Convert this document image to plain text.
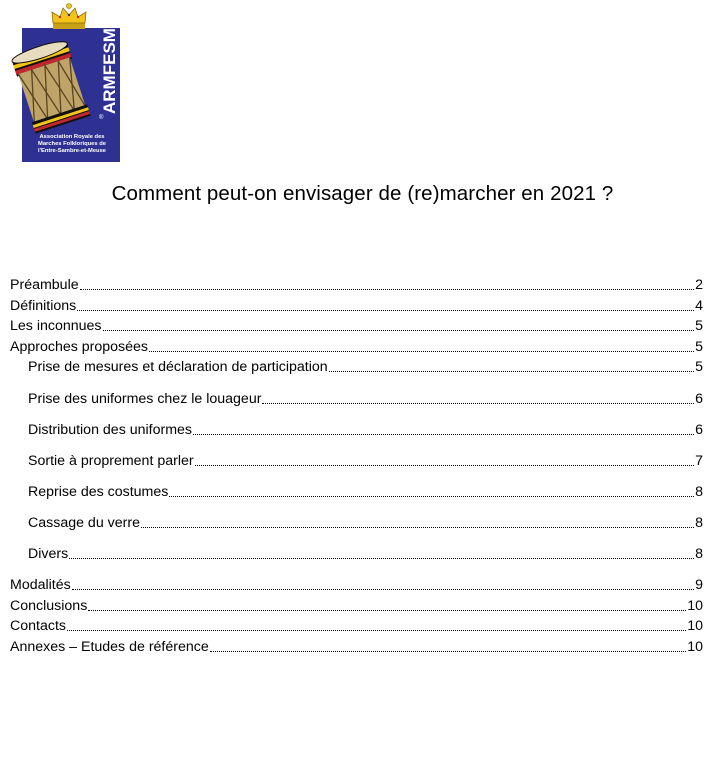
ARMFESM
®
Association Royale des
Marches Folkloriques de
l'Entre-Sambre-et-Meuse
Comment peut-on envisager de (re)marcher en 2021 ?
Préambule	2
Définitions	4
Les inconnues	5
Approches proposées	5
Prise de mesures et déclaration de participation	5
Prise des uniformes chez le louageur	6
Distribution des uniformes	6
Sortie à proprement parler	7
Reprise des costumes	8
Cassage du verre	8
Divers	8
Modalités	9
Conclusions	10
Contacts	10
Annexes – Etudes de référence	10
